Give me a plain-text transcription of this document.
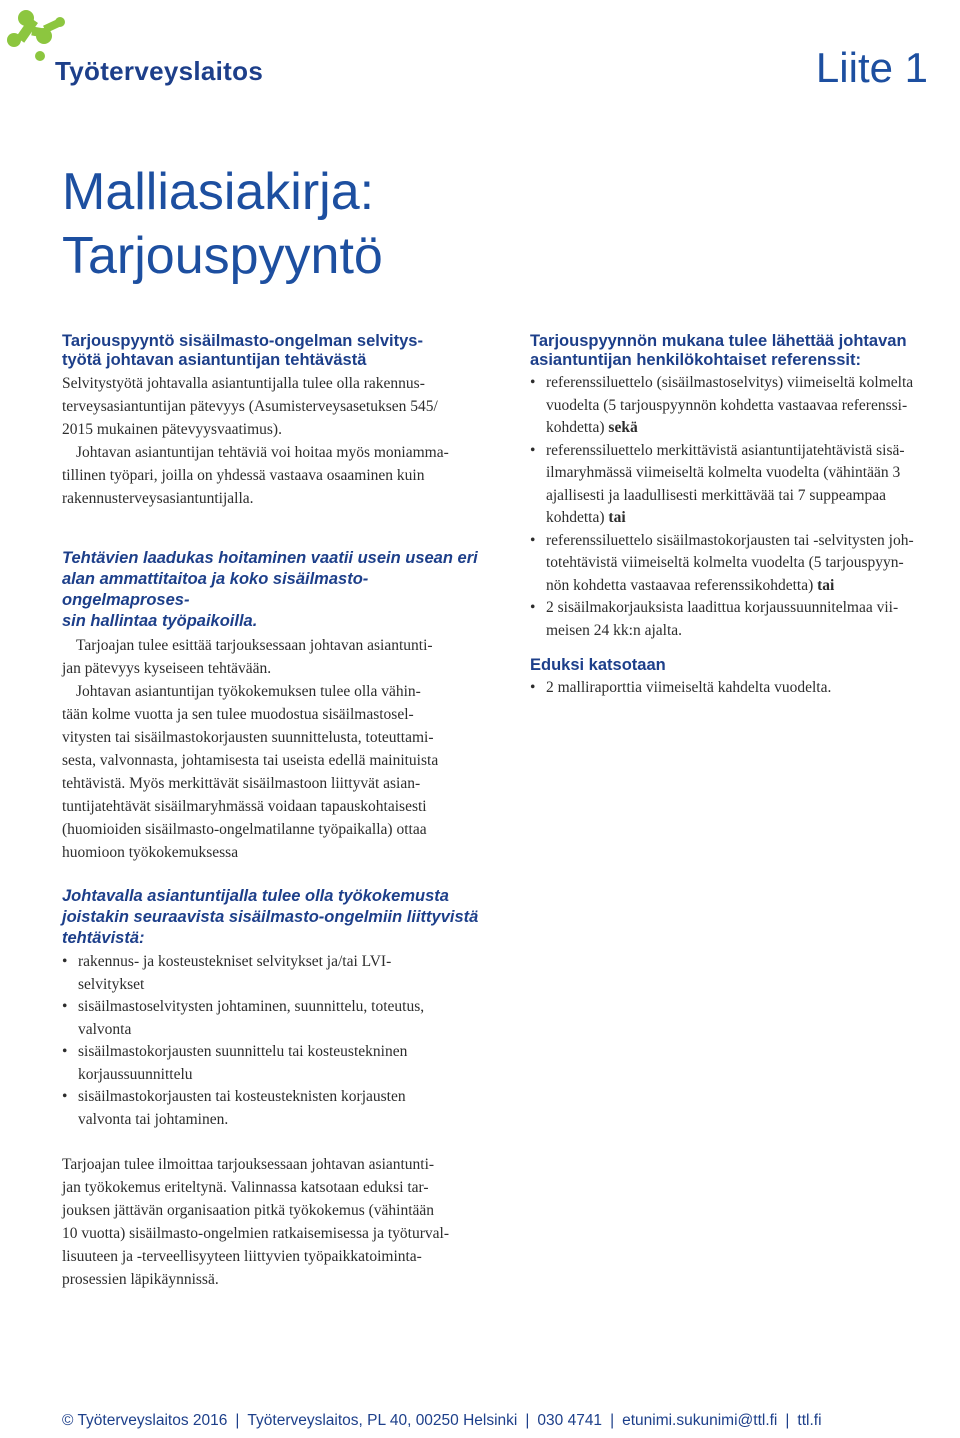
Työterveyslaitos	Liite 1
Malliasiakirja:
Tarjouspyyntö
Tarjouspyyntö sisäilmasto-ongelman selvitys-
työtä johtavan asiantuntijan tehtävästä
Selvitystyötä johtavalla asiantuntijalla tulee olla rakennus-
terveysasiantuntijan pätevyys (Asumisterveysasetuksen 545/
2015 mukainen pätevyysvaatimus).
Johtavan asiantuntijan tehtäviä voi hoitaa myös moniamma-
tillinen työpari, joilla on yhdessä vastaava osaaminen kuin
rakennusterveysasiantuntijalla.
Tehtävien laadukas hoitaminen vaatii usein usean eri
alan ammattitaitoa ja koko sisäilmasto-ongelmaproses-
sin hallintaa työpaikoilla.
Tarjoajan tulee esittää tarjouksessaan johtavan asiantunti-
jan pätevyys kyseiseen tehtävään.
Johtavan asiantuntijan työkokemuksen tulee olla vähin-
tään kolme vuotta ja sen tulee muodostua sisäilmastosel-
vitysten tai sisäilmastokorjausten suunnittelusta, toteuttami-
sesta, valvonnasta, johtamisesta tai useista edellä mainituista
tehtävistä. Myös merkittävät sisäilmastoon liittyvät asian-
tuntijatehtävät sisäilmaryhmässä voidaan tapauskohtaisesti
(huomioiden sisäilmasto-ongelmatilanne työpaikalla) ottaa
huomioon työkokemuksessa
Tarjouspyynnön mukana tulee lähettää johtavan
asiantuntijan henkilökohtaiset referenssit:
• referenssiluettelo (sisäilmastoselvitys) viimeiseltä kolmelta
vuodelta (5 tarjouspyynnön kohdetta vastaavaa referenssi-
kohdetta) sekä
• referenssiluettelo merkittävistä asiantuntijatehtävistä sisä-
ilmaryhmässä viimeiseltä kolmelta vuodelta (vähintään 3
ajallisesti ja laadullisesti merkittävää tai 7 suppeampaa
kohdetta) tai
• referenssiluettelo sisäilmastokorjausten tai -selvitysten joh-
totehtävistä viimeiseltä kolmelta vuodelta (5 tarjouspyyn-
nön kohdetta vastaavaa referenssikohdetta) tai
• 2 sisäilmakorjauksista laadittua korjaussuunnitelmaa vii-
meisen 24 kk:n ajalta.
Eduksi katsotaan
• 2 malliraporttia viimeiseltä kahdelta vuodelta.
Johtavalla asiantuntijalla tulee olla työkokemusta
joistakin seuraavista sisäilmasto-ongelmiin liittyvistä
tehtävistä:
• rakennus- ja kosteustekniset selvitykset ja/tai LVI-
selvitykset
• sisäilmastoselvitysten johtaminen, suunnittelu, toteutus,
valvonta
• sisäilmastokorjausten suunnittelu tai kosteustekninen
korjaussuunnittelu
• sisäilmastokorjausten tai kosteusteknisten korjausten
valvonta tai johtaminen.
Tarjoajan tulee ilmoittaa tarjouksessaan johtavan asiantunti-
jan työkokemus eriteltynä. Valinnassa katsotaan eduksi tar-
jouksen jättävän organisaation pitkä työkokemus (vähintään
10 vuotta) sisäilmasto-ongelmien ratkaisemisessa ja työturval-
lisuuteen ja -terveellisyyteen liittyvien työpaikkatoiminta-
prosessien läpikäynnissä.
© Työterveyslaitos 2016 | Työterveyslaitos, PL 40, 00250 Helsinki | 030 4741 | etunimi.sukunimi@ttl.fi | ttl.fi
